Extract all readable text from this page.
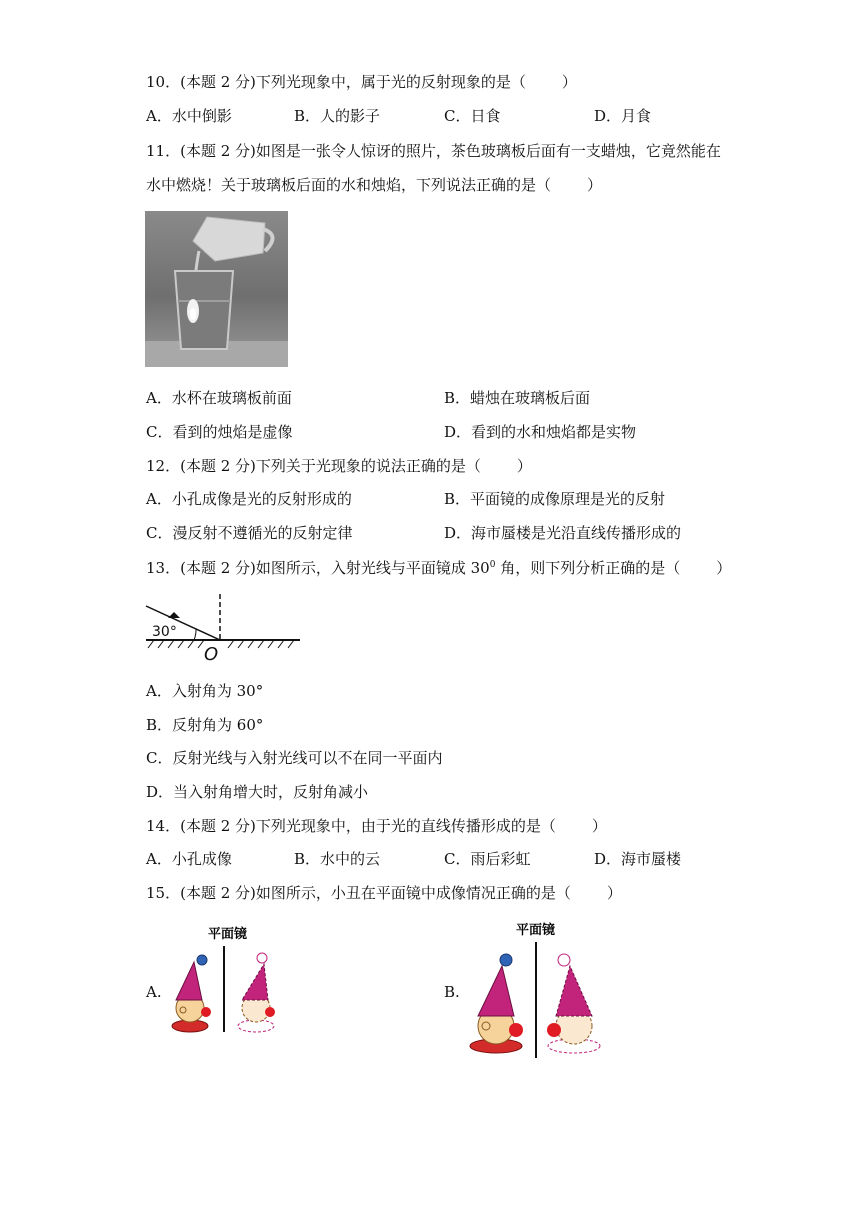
10．(本题 2 分)下列光现象中，属于光的反射现象的是（ ）
A．水中倒影	B．人的影子	C．日食	D．月食
11．(本题 2 分)如图是一张令人惊讶的照片，茶色玻璃板后面有一支蜡烛，它竟然能在
水中燃烧！关于玻璃板后面的水和烛焰，下列说法正确的是（ ）
A．水杯在玻璃板前面	B．蜡烛在玻璃板后面
C．看到的烛焰是虚像	D．看到的水和烛焰都是实物
12．(本题 2 分)下列关于光现象的说法正确的是（ ）
A．小孔成像是光的反射形成的	B．平面镜的成像原理是光的反射
C．漫反射不遵循光的反射定律	D．海市蜃楼是光沿直线传播形成的
13．(本题 2 分)如图所示，入射光线与平面镜成 $30^0$ 角，则下列分析正确的是（ ）
30°
O
A．入射角为 30°
B．反射角为 60°
C．反射光线与入射光线可以不在同一平面内
D．当入射角增大时，反射角减小
14．(本题 2 分)下列光现象中，由于光的直线传播形成的是（ ）
A．小孔成像	B．水中的云	C．雨后彩虹	D．海市蜃楼
15．(本题 2 分)如图所示，小丑在平面镜中成像情况正确的是（ ）
A.	B.
平面镜	平面镜
